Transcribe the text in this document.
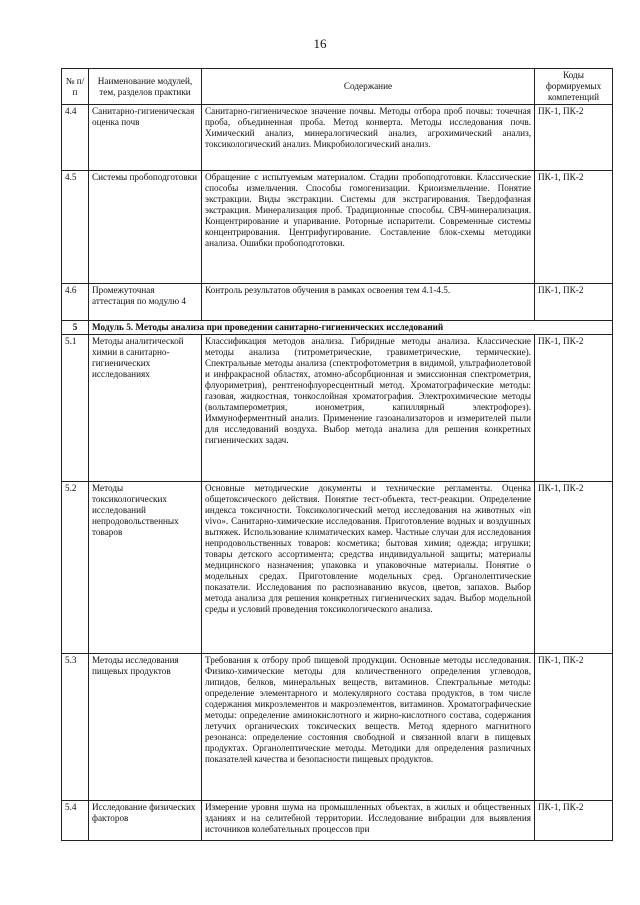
16
№ п/п	Наименование модулей, тем, разделов практики	Содержание	Коды формируемых компетенций
4.4	Санитарно-гигиеническая оценка почв	Санитарно-гигиеническое значение почвы. Методы отбора проб почвы: точечная проба, объединенная проба. Метод конверта. Методы исследования почв. Химический анализ, минералогический анализ, агрохимический анализ, токсикологический анализ. Микробиологический анализ.	ПК-1, ПК-2
4.5	Системы пробоподготовки	Обращение с испытуемым материалом. Стадии пробоподготовки. Классические способы измельчения. Способы гомогенизации. Криоизмельчение. Понятие экстракции. Виды экстракции. Системы для экстрагирования. Твердофазная экстракция. Минерализация проб. Традиционные способы. СВЧ-минерализация. Концентрирование и упаривание. Роторные испарители. Современные системы концентрирования. Центрифугирование. Составление блок-схемы методики анализа. Ошибки пробоподготовки.	ПК-1, ПК-2
4.6	Промежуточная аттестация по модулю 4	Контроль результатов обучения в рамках освоения тем 4.1-4.5.	ПК-1, ПК-2
5	Модуль 5. Методы анализа при проведении санитарно-гигиенических исследований		
5.1	Методы аналитической химии в санитарно-гигиенических исследованиях	Классификация методов анализа. Гибридные методы анализа. Классические методы анализа (титрометрические, гравиметрические, термические). Спектральные методы анализа (спектрофотометрия в видимой, ультрафиолетовой и инфракрасной областях, атомно-абсорбционная и эмиссионная спектрометрия, флуориметрия), рентгенофлуоресцентный метод. Хроматографические методы: газовая, жидкостная, тонкослойная хроматография. Электрохимические методы (вольтамперометрия, ионометрия, капиллярный электрофорез). Иммуноферментный анализ. Применение газоанализаторов и измерителей пыли для исследований воздуха. Выбор метода анализа для решения конкретных гигиенических задач.	ПК-1, ПК-2
5.2	Методы токсикологических исследований непродовольственных товаров	Основные методические документы и технические регламенты. Оценка общетоксического действия. Понятие тест-объекта, тест-реакции. Определение индекса токсичности. Токсикологический метод исследования на животных «in vivo». Санитарно-химические исследования. Приготовление водных и воздушных вытяжек. Использование климатических камер. Частные случаи для исследования непродовольственных товаров: косметика; бытовая химия; одежда; игрушки; товары детского ассортимента; средства индивидуальной защиты; материалы медицинского назначения; упаковка и упаковочные материалы. Понятие о модельных средах. Приготовление модельных сред. Органолептические показатели. Исследования по распознаванию вкусов, цветов, запахов. Выбор метода анализа для решения конкретных гигиенических задач. Выбор модельной среды и условий проведения токсикологического анализа.	ПК-1, ПК-2
5.3	Методы исследования пищевых продуктов	Требования к отбору проб пищевой продукции. Основные методы исследования. Физико-химические методы для количественного определения углеводов, липидов, белков, минеральных веществ, витаминов. Спектральные методы: определение элементарного и молекулярного состава продуктов, в том числе содержания микроэлементов и макроэлементов, витаминов. Хроматографические методы: определение аминокислотного и жирно-кислотного состава, содержания летучих органических токсических веществ. Метод ядерного магнитного резонанса: определение состояния свободной и связанной влаги в пищевых продуктах. Органолептические методы. Методики для определения различных показателей качества и безопасности пищевых продуктов.	ПК-1, ПК-2
5.4	Исследование физических факторов	Измерение уровня шума на промышленных объектах, в жилых и общественных зданиях и на селитебной территории. Исследование вибрации для выявления источников колебательных процессов при	ПК-1, ПК-2
